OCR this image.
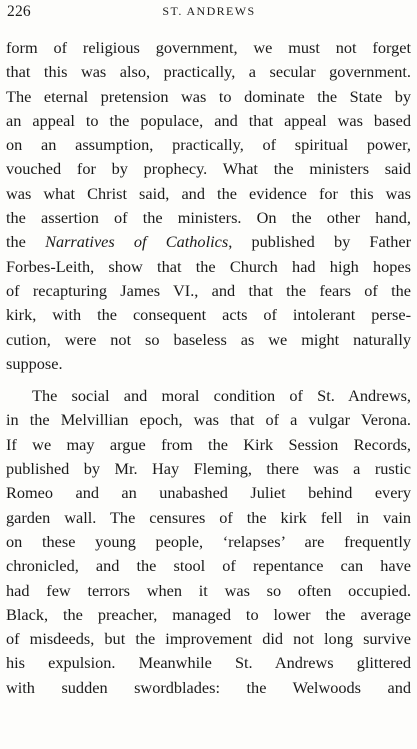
226	ST. ANDREWS
form of religious government, we must not forget
that this was also, practically, a secular government.
The eternal pretension was to dominate the State by
an appeal to the populace, and that appeal was based
on an assumption, practically, of spiritual power,
vouched for by prophecy. What the ministers said
was what Christ said, and the evidence for this was
the assertion of the ministers. On the other hand,
the Narratives of Catholics, published by Father
Forbes-Leith, show that the Church had high hopes
of recapturing James VI., and that the fears of the
kirk, with the consequent acts of intolerant perse-
cution, were not so baseless as we might naturally
suppose.
The social and moral condition of St. Andrews,
in the Melvillian epoch, was that of a vulgar Verona.
If we may argue from the Kirk Session Records,
published by Mr. Hay Fleming, there was a rustic
Romeo and an unabashed Juliet behind every
garden wall. The censures of the kirk fell in vain
on these young people, ‘relapses’ are frequently
chronicled, and the stool of repentance can have
had few terrors when it was so often occupied.
Black, the preacher, managed to lower the average
of misdeeds, but the improvement did not long survive
his expulsion. Meanwhile St. Andrews glittered
with sudden swordblades: the Welwoods and
